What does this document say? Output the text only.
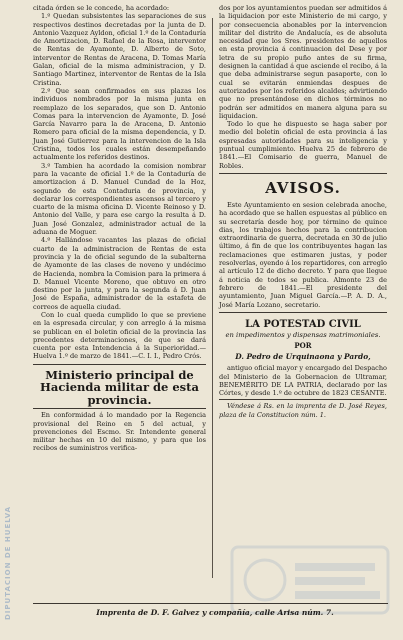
DIPUTACION DE HUELVA

citada órden se le concede, ha acordado:

1.º Quedan subsistentes las separaciones de sus respectivos destinos decretadas por la junta de D. Antonio Vazquez Ayldon, oficial 1.º de la Contaduría de Amortizacion, D. Rafael de la Rosa, interventor de Rentas de Ayamonte, D. Alberto de Soto, interventor de Rentas de Aracena, D. Tomas María Galan, oficial de la misma administracion, y D. Santiago Martinez, interventor de Rentas de la Isla Cristina.

2.º Que sean confirmados en sus plazas los individuos nombrados por la misma junta en reemplazo de los separados, que son D. Antonio Comas para la intervencion de Ayamonte, D. José García Navarro para la de Aracena, D. Antonio Romero para oficial de la misma dependencia, y D. Juan José Gutierrez para la intervencion de la Isla Cristina, todos los cuales están desempeñando actualmente los referidos destinos.

3.º Tambien ha acordado la comision nombrar para la vacante de oficial 1.º de la Contaduría de amortizacion á D. Manuel Cundad de la Hoz, segundo de esta Contaduria de provincia, y declarar los correspondientes ascensos al tercero y cuarto de la misma oficina D. Vicente Reinoso y D. Antonio del Valle, y para ese cargo la resulta á D. Juan José Gonzalez, administrador actual de la aduana de Moguer.

4.º Hallándose vacantes las plazas de oficial cuarto de la administracion de Rentas de esta provincia y la de oficial segundo de la subalterna de Ayamonte de las clases de noveno y undécimo de Hacienda, nombra la Comision para la primera á D. Manuel Vicente Moreno, que obtuvo en otro destino por la junta, y para la segunda á D. Juan José de España, administrador de la estafeta de correos de aquella ciudad.

Con lo cual queda cumplido lo que se previene en la espresada circular, y con arreglo á la misma se publican en el boletin oficial de la provincia las precedentes determinaciones, de que se dará cuenta por esta Intendencia á la Superioridad.—Huelva 1.º de marzo de 1841.—C. I. I., Pedro Crós.

Ministerio principal de Hacienda militar de esta provincia.

En conformidad á lo mandado por la Regencia provisional del Reino en 5 del actual, y prevenciones del Escmo. Sr. Intendente general militar hechas en 10 del mismo, y para que los recibos de suministros verifica-

dos por los ayuntamientos puedan ser admitidos á la liquidacion por este Ministerio de mi cargo, y por consecuencia abonables por la intervencion militar del distrito de Andalucía, es de absoluta necesidad que los Sres. presidentes de aquellos en esta provincia á continuacion del Dese y por letra de su propio puño antes de su firma, designen la cantidad á que asciende el recibo, á la que deba administrarse segun pasaporte, con lo cual se evitarán enmiendas despues de autorizados por los referidos alcaldes; advirtiendo que no presentándose en dichos términos no podrán ser admitidos en manera alguna para su liquidacion.

Todo lo que he dispuesto se haga saber por medio del boletin oficial de esta provincia á las espresadas autoridades para su inteligencia y puntual cumplimiento. Huelva 25 de febrero de 1841.—El Comisario de guerra, Manuel de Robles.

AVISOS.

Este Ayuntamiento en sesion celebrada anoche, ha acordado que se hallen espuestas al público en su secretaría desde hoy, por término de quince dias, los trabajos hechos para la contribucion extraordinaria de guerra, decretada en 30 de julio último, á fin de que los contribuyentes hagan las reclamaciones que estimaren justas, y poder resolverlas, oyendo á los repartidores, con arreglo al artículo 12 de dicho decreto. Y para que llegue á noticia de todos se publica. Almonte 23 de febrero de 1841.—El presidente del ayuntamiento, Juan Miguel García.—P. A. D. A., José María Lozano, secretario.

LA POTESTAD CIVIL
en impedimentos y dispensas matrimoniales.
POR
D. Pedro de Urquinaona y Pardo,

antiguo oficial mayor y encargado del Despacho del Ministerio de la Gobernacion de Ultramar, BENEMÉRITO DE LA PATRIA, declarado por las Córtes, y desde 1.º de octubre de 1823 CESANTE.

Véndese á Rs. en la imprenta de D. José Reyes, plaza de la Constitucion núm. 1.

Imprenta de D. F. Galvez y compañía, calle Arisa núm. 7.
